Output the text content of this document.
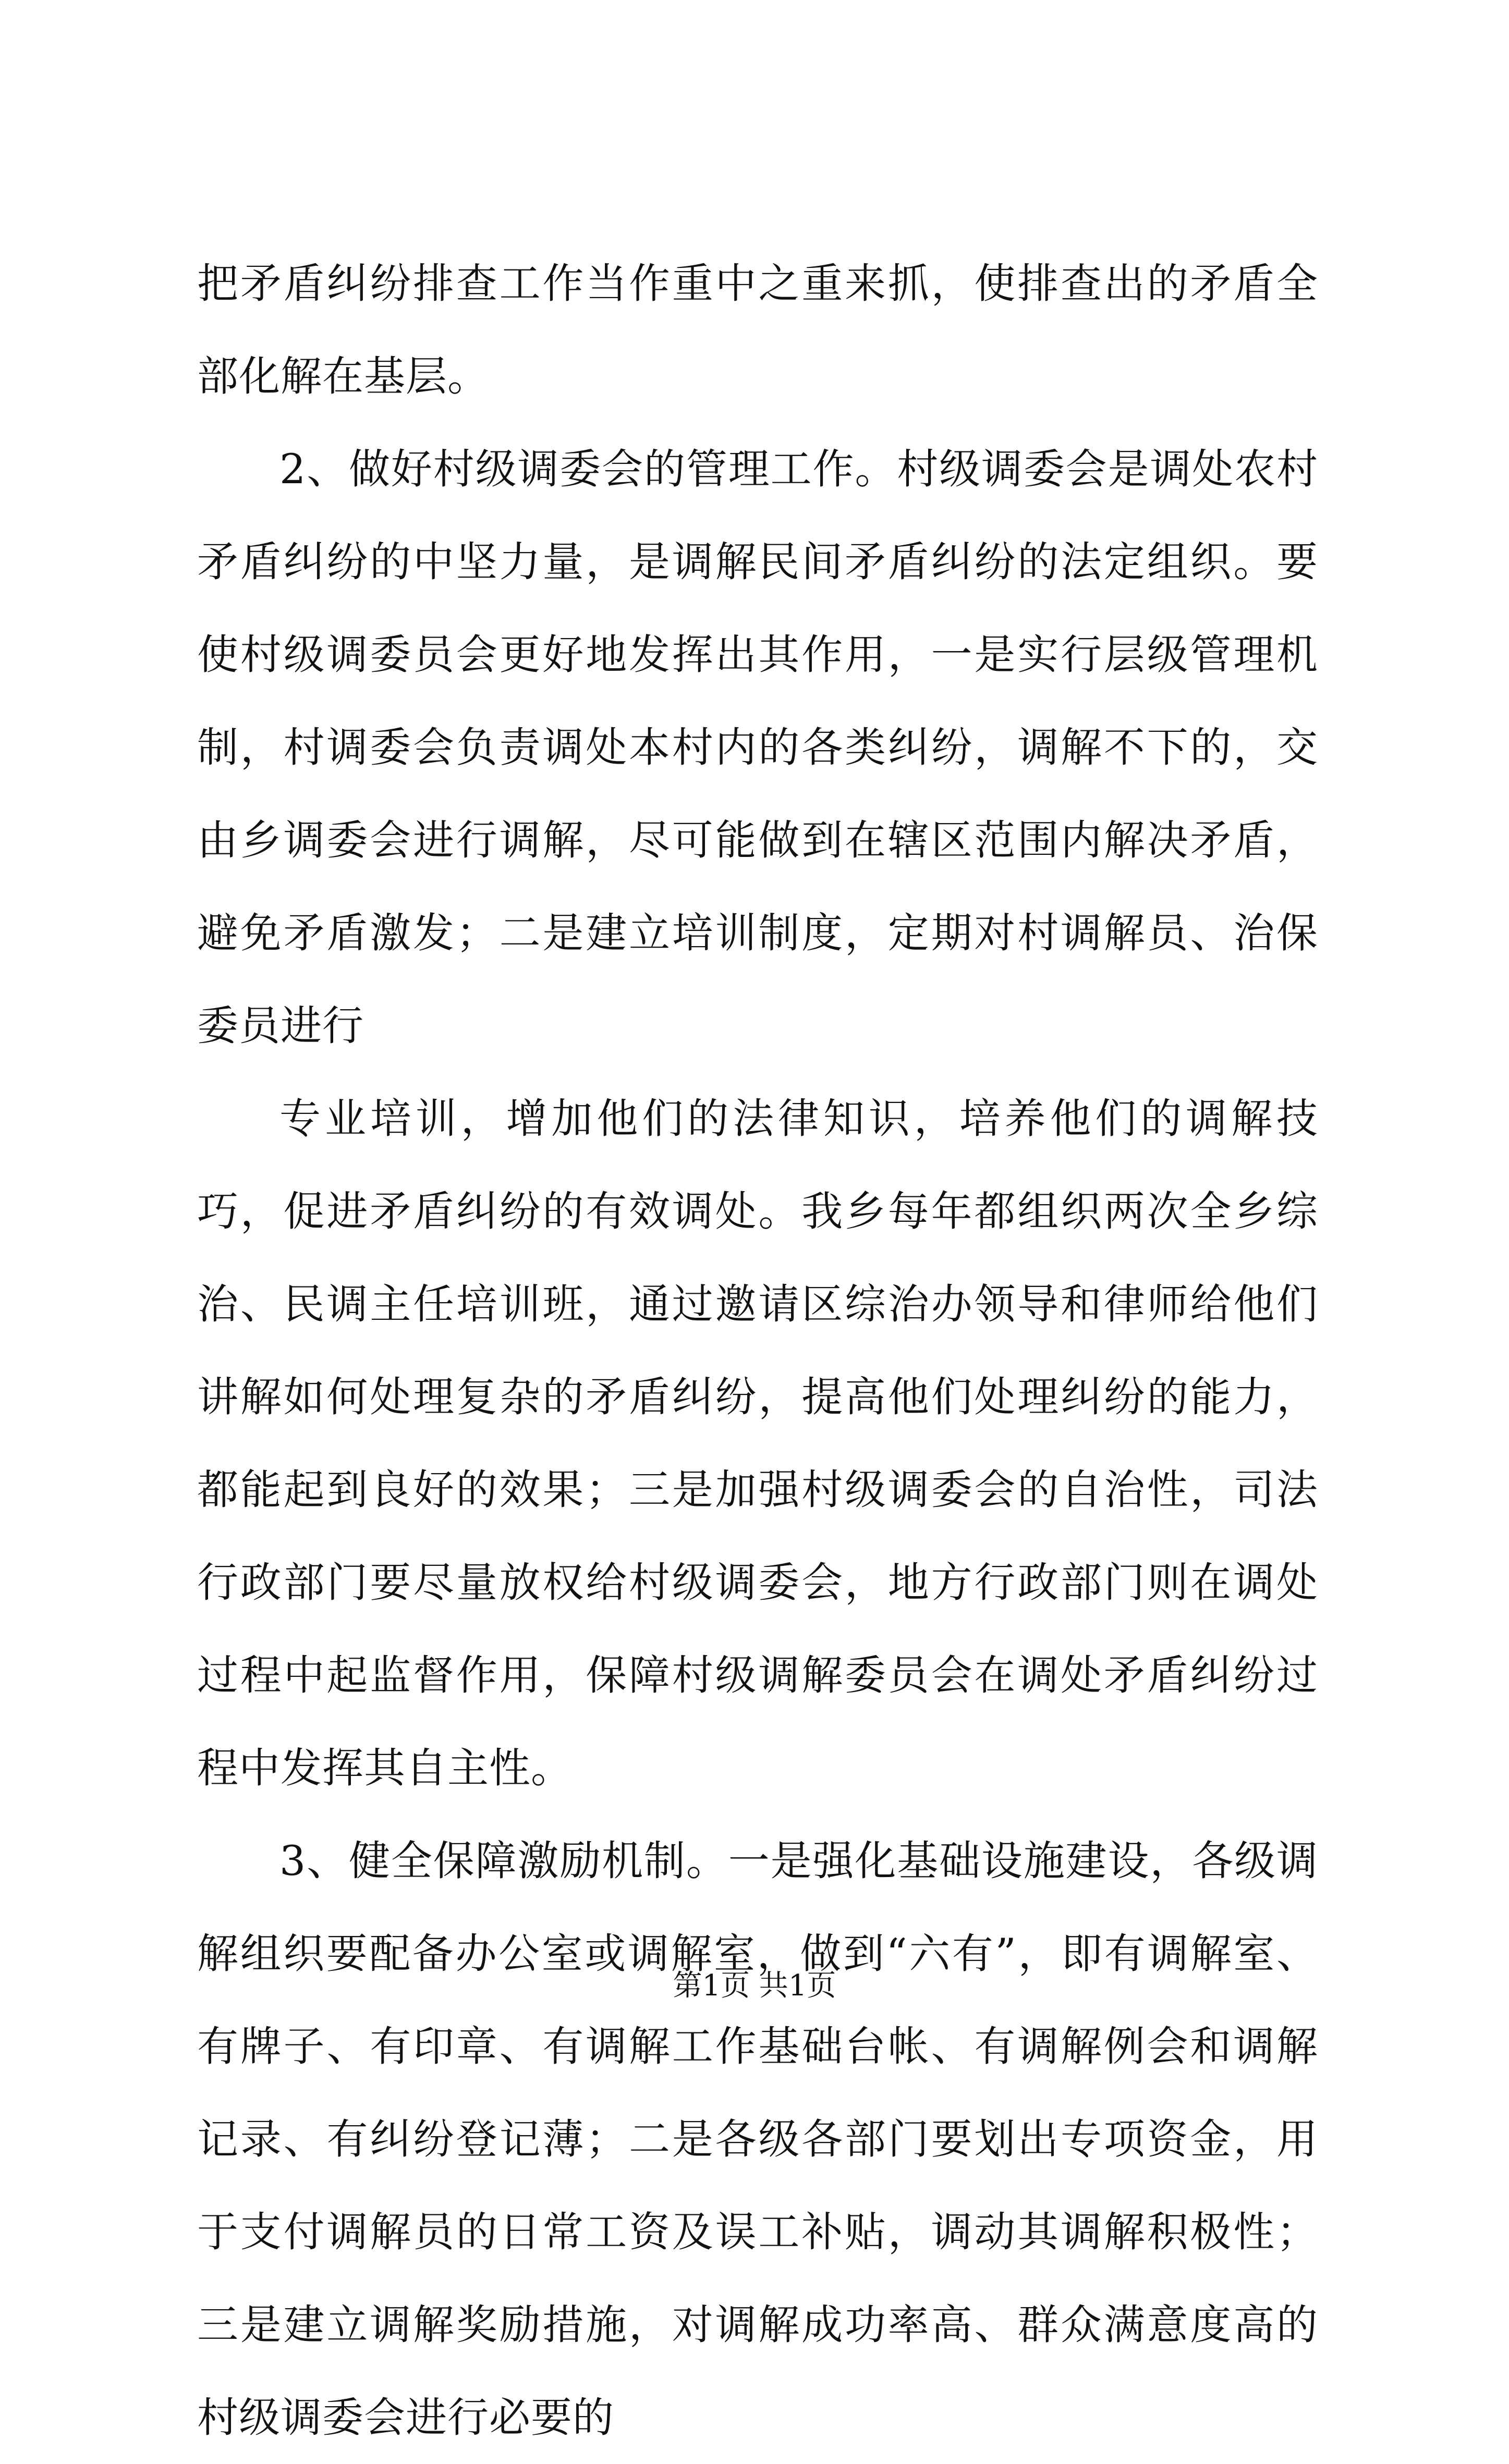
把矛盾纠纷排查工作当作重中之重来抓，使排查出的矛盾全部化解在基层。

2、做好村级调委会的管理工作。村级调委会是调处农村矛盾纠纷的中坚力量，是调解民间矛盾纠纷的法定组织。要使村级调委员会更好地发挥出其作用，一是实行层级管理机制，村调委会负责调处本村内的各类纠纷，调解不下的，交由乡调委会进行调解，尽可能做到在辖区范围内解决矛盾，避免矛盾激发；二是建立培训制度，定期对村调解员、治保委员进行

专业培训，增加他们的法律知识，培养他们的调解技巧，促进矛盾纠纷的有效调处。我乡每年都组织两次全乡综治、民调主任培训班，通过邀请区综治办领导和律师给他们讲解如何处理复杂的矛盾纠纷，提高他们处理纠纷的能力，都能起到良好的效果；三是加强村级调委会的自治性，司法行政部门要尽量放权给村级调委会，地方行政部门则在调处过程中起监督作用，保障村级调解委员会在调处矛盾纠纷过程中发挥其自主性。

3、健全保障激励机制。一是强化基础设施建设，各级调解组织要配备办公室或调解室，做到“六有”，即有调解室、有牌子、有印章、有调解工作基础台帐、有调解例会和调解记录、有纠纷登记薄；二是各级各部门要划出专项资金，用于支付调解员的日常工资及误工补贴，调动其调解积极性；三是建立调解奖励措施，对调解成功率高、群众满意度高的村级调委会进行必要的

第1页 共1页
